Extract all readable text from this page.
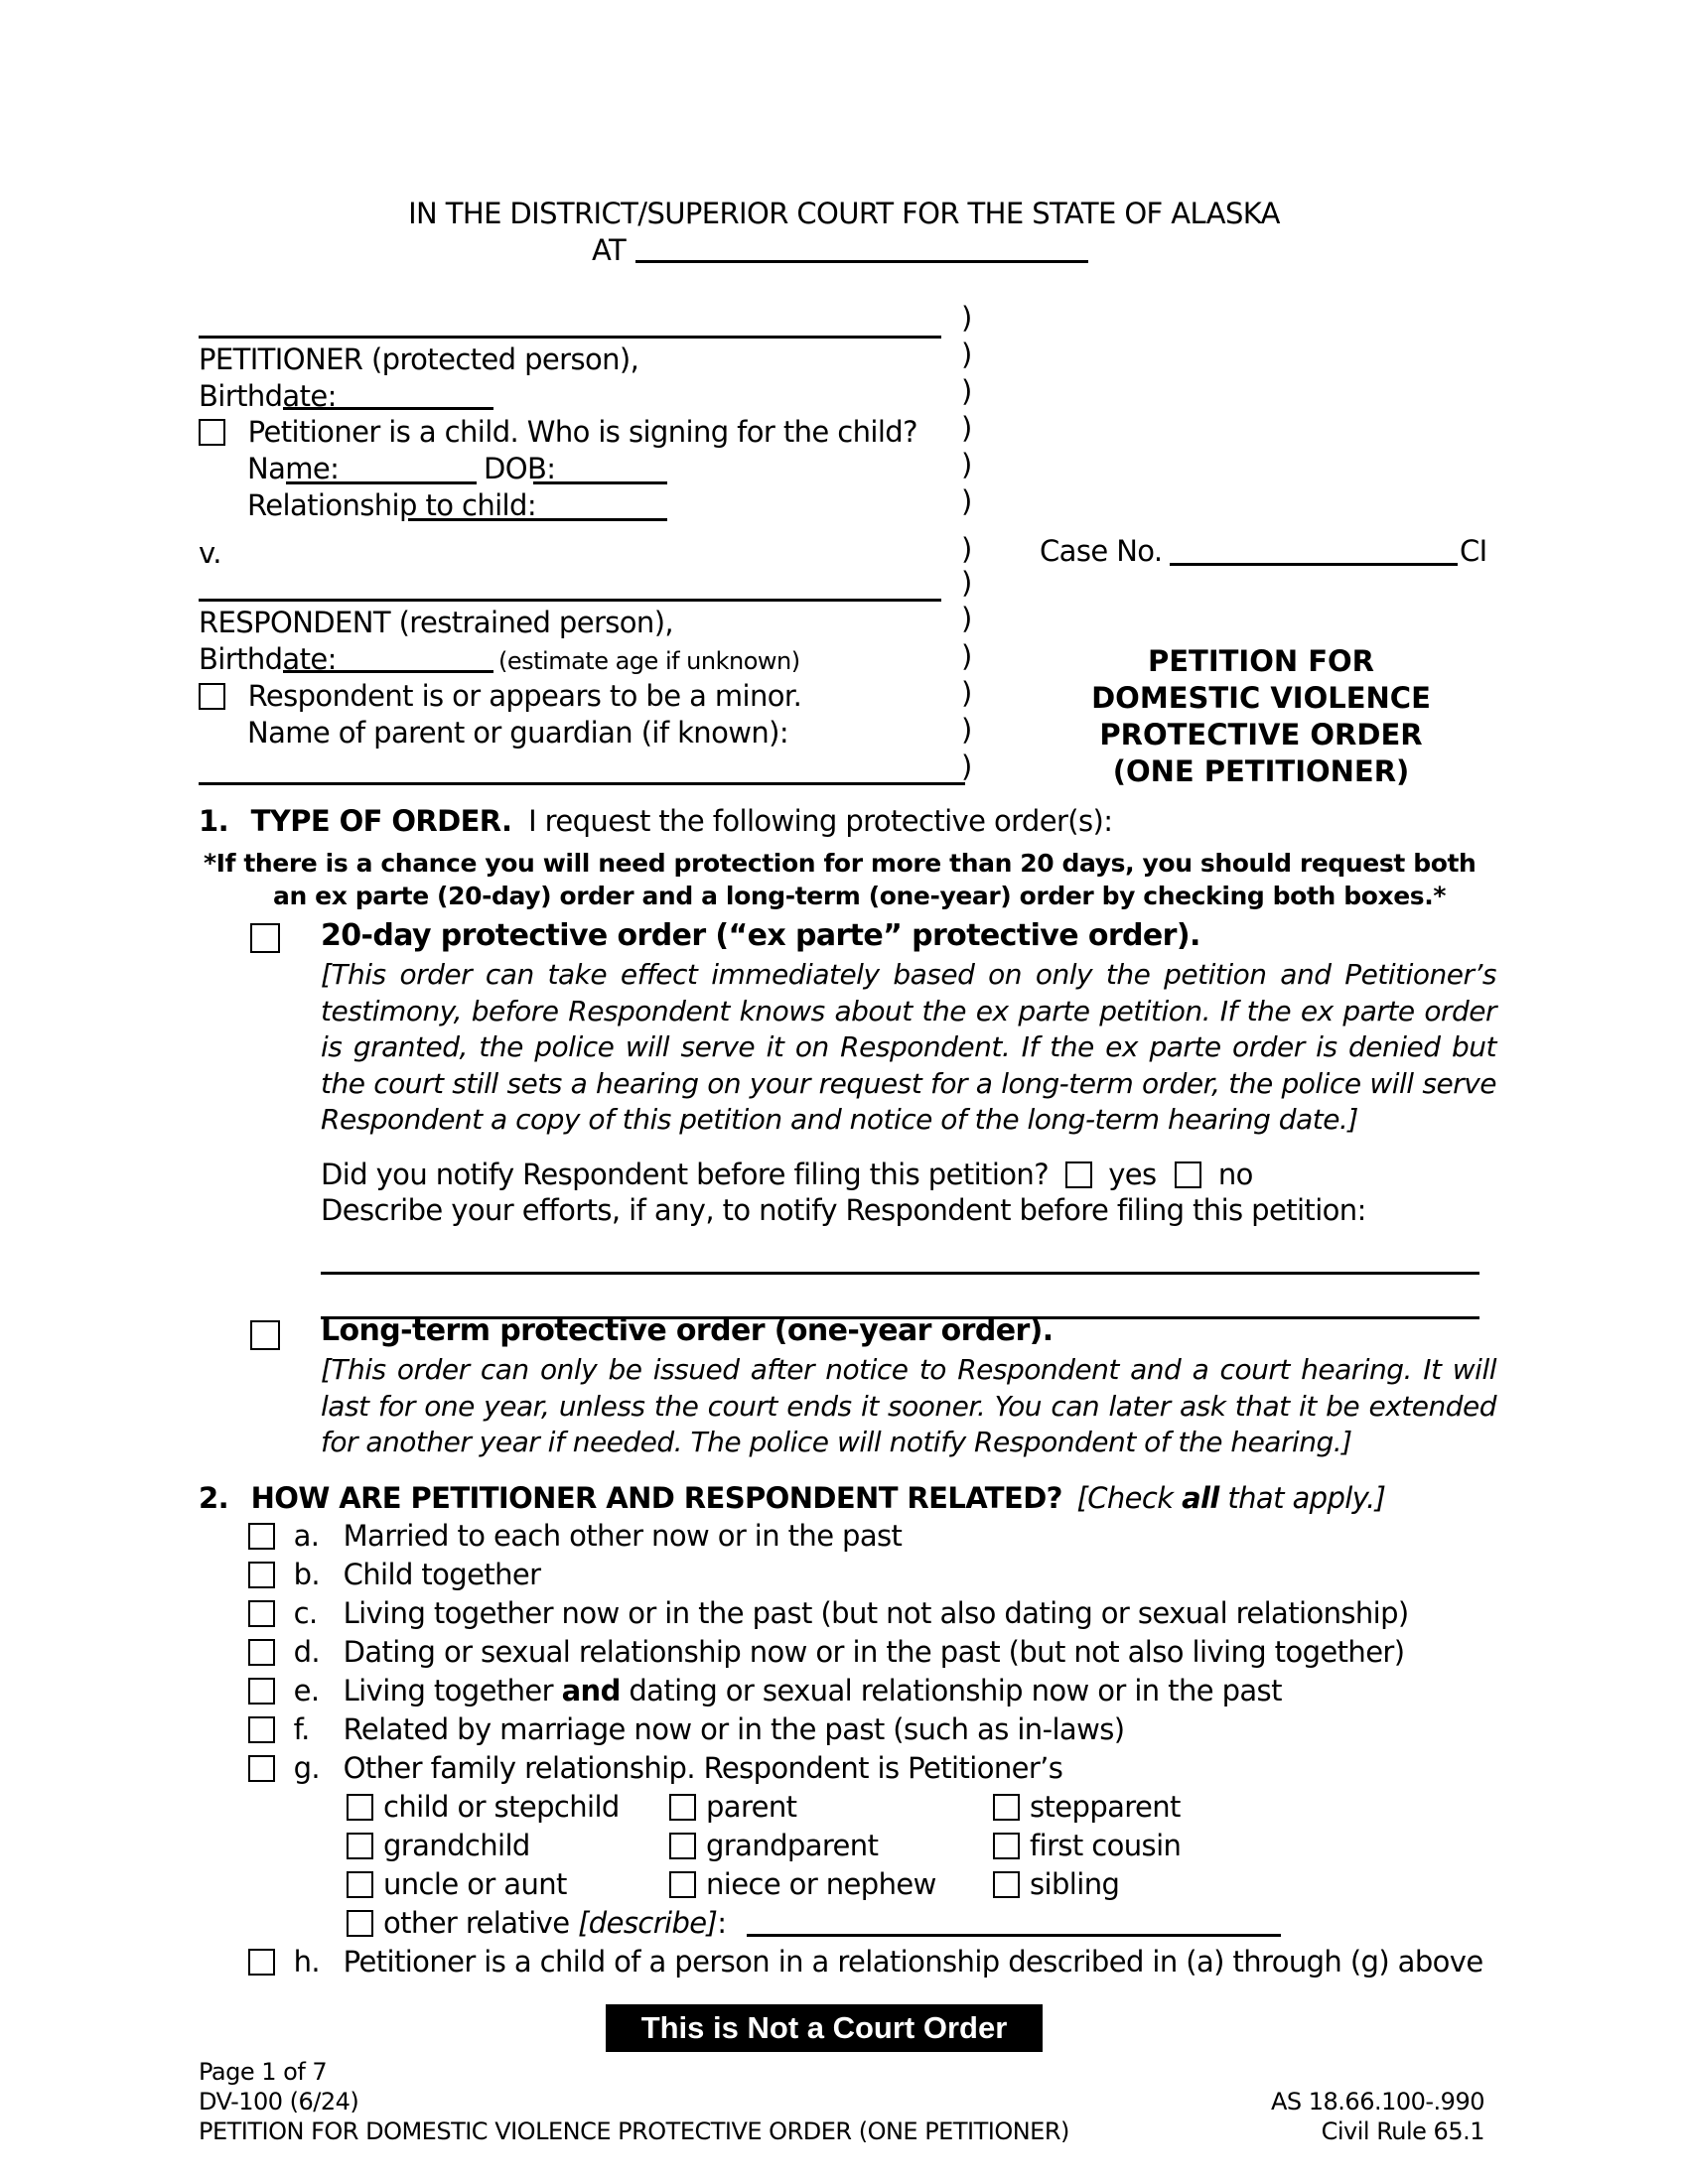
IN THE DISTRICT/SUPERIOR COURT FOR THE STATE OF ALASKA
AT
PETITIONER (protected person),
Birthdate:
Petitioner is a child. Who is signing for the child?
Name:	DOB:
Relationship to child:
v.
RESPONDENT (restrained person),
Birthdate:	(estimate age if unknown)
Respondent is or appears to be a minor.
Name of parent or guardian (if known):
)
)
)
)
)
)
)
)
)
)
)
)
)
Case No.	CI
PETITION FOR
DOMESTIC VIOLENCE
PROTECTIVE ORDER
(ONE PETITIONER)
1. TYPE OF ORDER. I request the following protective order(s):
*If there is a chance you will need protection for more than 20 days, you should request both
an ex parte (20-day) order and a long-term (one-year) order by checking both boxes.*
20-day protective order (“ex parte” protective order).
[This order can take effect immediately based on only the petition and Petitioner’s testimony, before Respondent knows about the ex parte petition. If the ex parte order is granted, the police will serve it on Respondent. If the ex parte order is denied but the court still sets a hearing on your request for a long-term order, the police will serve Respondent a copy of this petition and notice of the long-term hearing date.]
Did you notify Respondent before filing this petition? yes no
Describe your efforts, if any, to notify Respondent before filing this petition:
Long-term protective order (one-year order).
[This order can only be issued after notice to Respondent and a court hearing. It will last for one year, unless the court ends it sooner. You can later ask that it be extended for another year if needed. The police will notify Respondent of the hearing.]
2. HOW ARE PETITIONER AND RESPONDENT RELATED? [Check all that apply.]
a. Married to each other now or in the past
b. Child together
c. Living together now or in the past (but not also dating or sexual relationship)
d. Dating or sexual relationship now or in the past (but not also living together)
e. Living together and dating or sexual relationship now or in the past
f. Related by marriage now or in the past (such as in-laws)
g. Other family relationship. Respondent is Petitioner’s
child or stepchild	parent	stepparent
grandchild	grandparent	first cousin
uncle or aunt	niece or nephew	sibling
other relative [describe]:
h. Petitioner is a child of a person in a relationship described in (a) through (g) above
This is Not a Court Order
Page 1 of 7
DV-100 (6/24)
PETITION FOR DOMESTIC VIOLENCE PROTECTIVE ORDER (ONE PETITIONER)
AS 18.66.100-.990
Civil Rule 65.1
